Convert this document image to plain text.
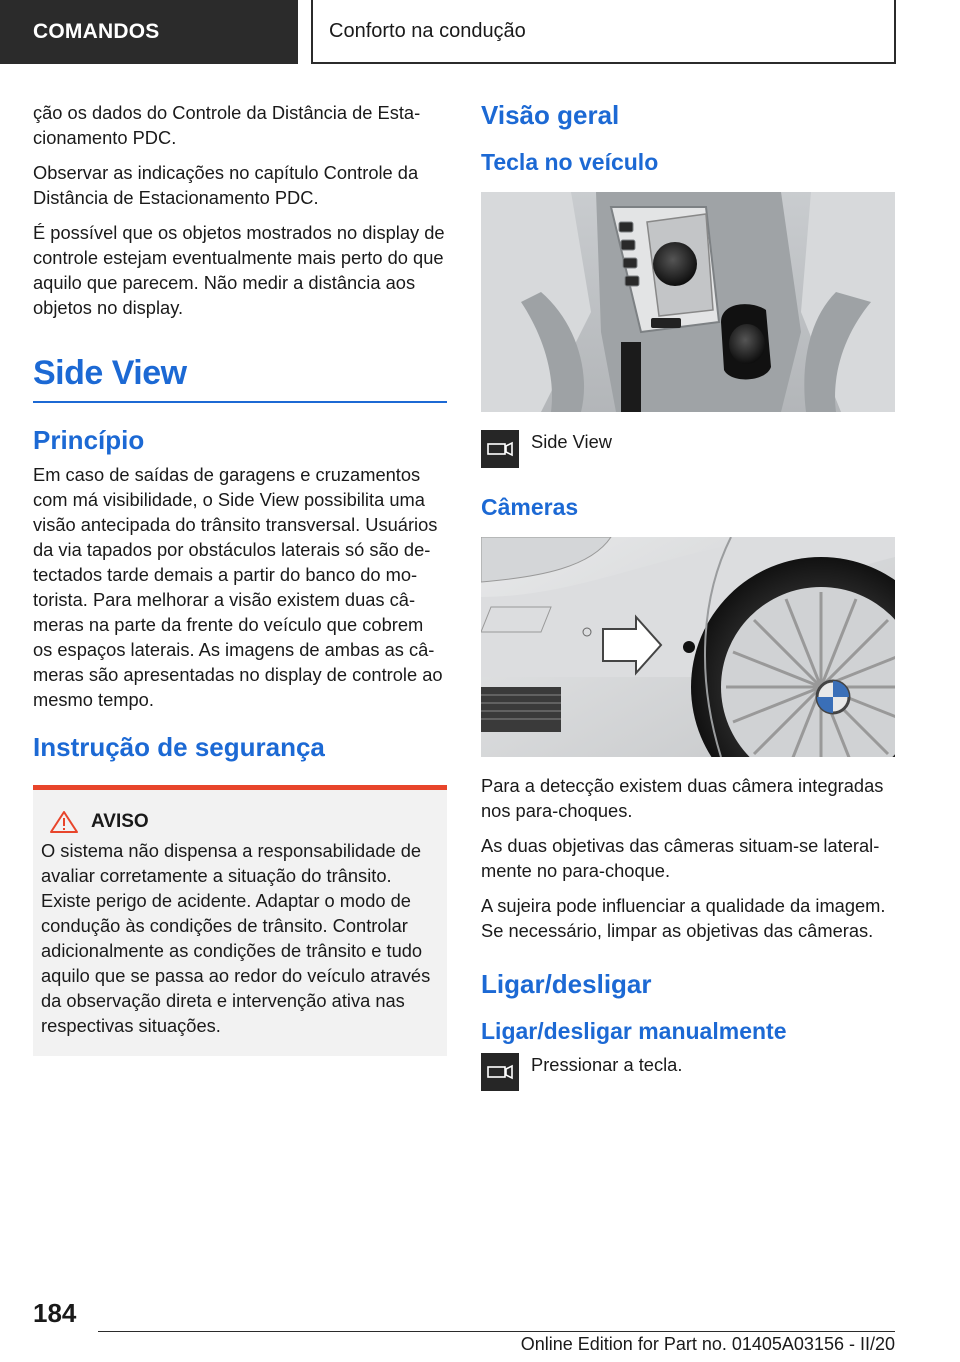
COMANDOS	Conforto na condução

ção os dados do Controle da Distância de Estacionamento PDC.

Observar as indicações no capítulo Controle da Distância de Estacionamento PDC.

É possível que os objetos mostrados no display de controle estejam eventualmente mais perto do que aquilo que parecem. Não medir a distância aos objetos no display.

Side View
Princípio

Em caso de saídas de garagens e cruzamentos com má visibilidade, o Side View possibilita uma visão antecipada do trânsito transversal. Usuários da via tapados por obstáculos laterais só são detectados tarde demais a partir do banco do motorista. Para melhorar a visão existem duas câmeras na parte da frente do veículo que cobrem os espaços laterais. As imagens de ambas as câmeras são apresentadas no display de controle ao mesmo tempo.

Instrução de segurança
AVISO

O sistema não dispensa a responsabilidade de avaliar corretamente a situação do trânsito. Existe perigo de acidente. Adaptar o modo de condução às condições de trânsito. Controlar adicionalmente as condições de trânsito e tudo aquilo que se passa ao redor do veículo através da observação direta e intervenção ativa nas respectivas situações.

Visão geral
Tecla no veículo

Side View

Câmeras

Para a detecção existem duas câmera integradas nos para-choques.

As duas objetivas das câmeras situam-se lateralmente no para-choque.

A sujeira pode influenciar a qualidade da imagem. Se necessário, limpar as objetivas das câmeras.

Ligar/desligar
Ligar/desligar manualmente

Pressionar a tecla.

184
Online Edition for Part no. 01405A03156 - II/20
